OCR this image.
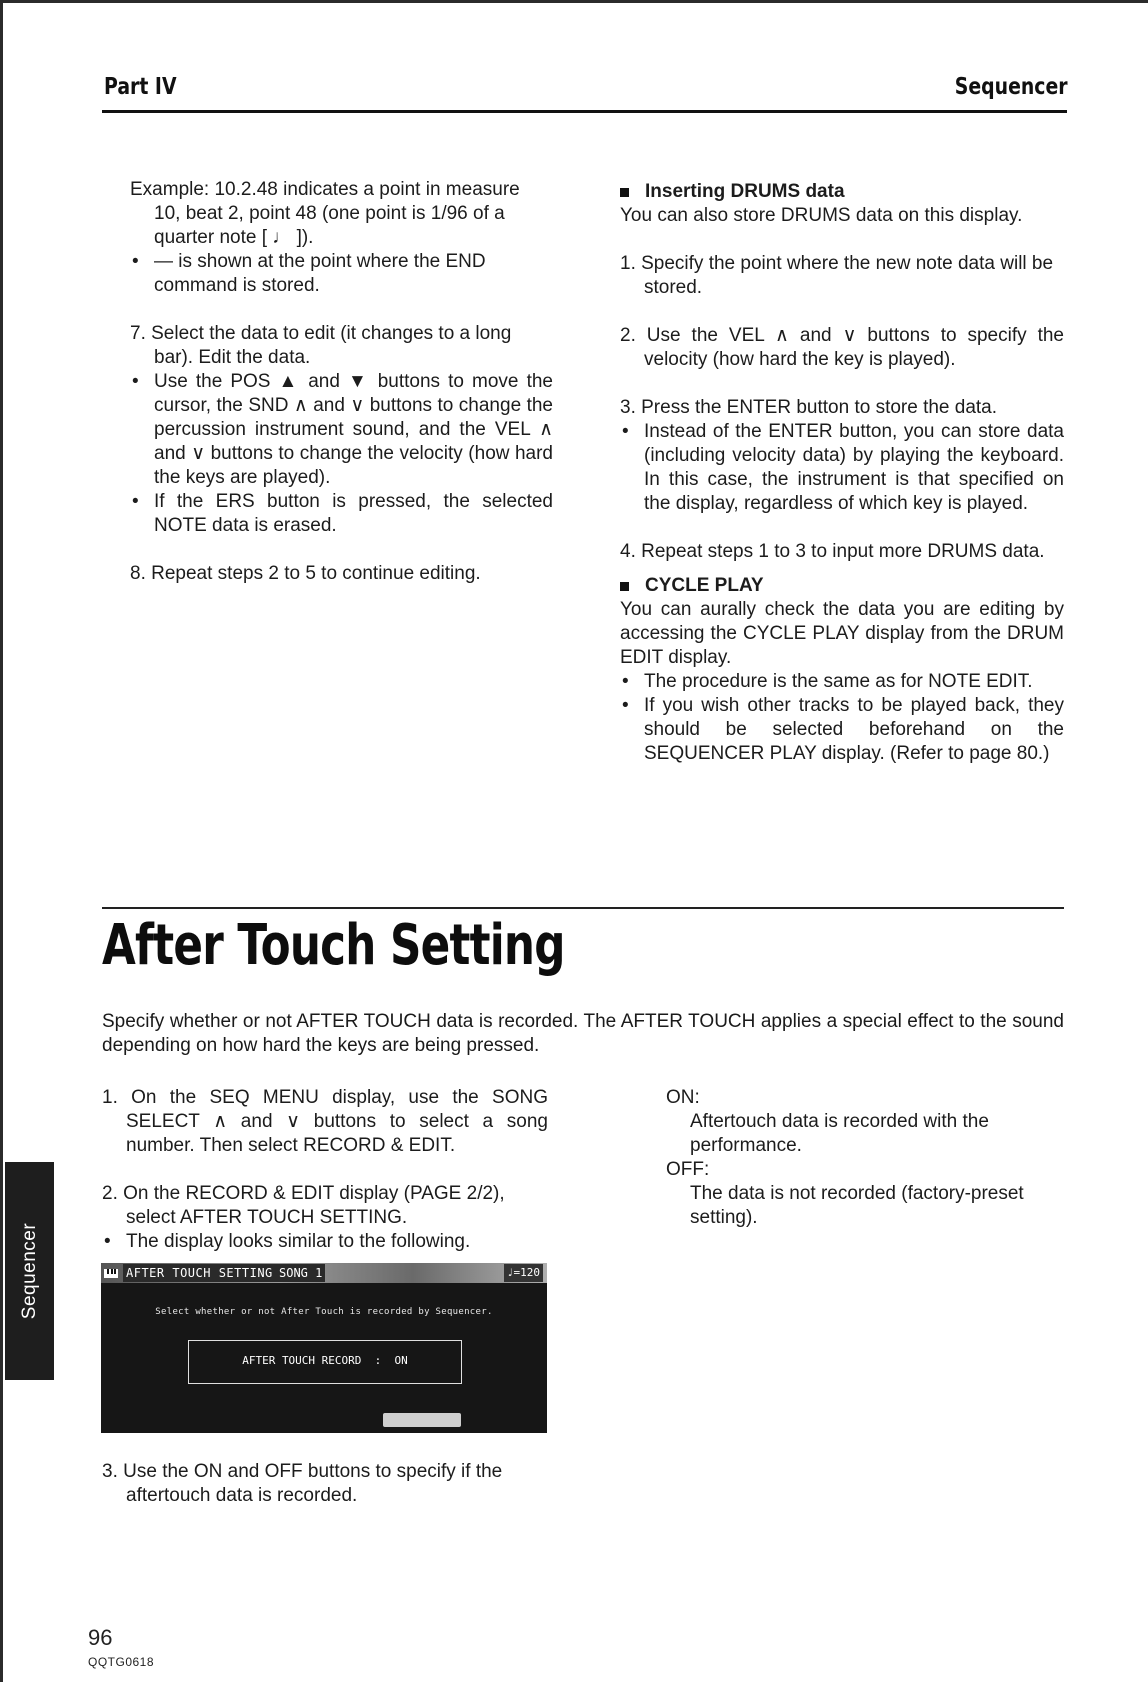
Part IV	Sequencer
Example: 10.2.48 indicates a point in measure
10, beat 2, point 48 (one point is 1/96 of a
quarter note [ ♩ ]).
• — is shown at the point where the END command is stored.
7. Select the data to edit (it changes to a long bar). Edit the data.
• Use the POS ▲ and ▼ buttons to move the cursor, the SND ∧ and ∨ buttons to change the percussion instrument sound, and the VEL ∧ and ∨ buttons to change the velocity (how hard the keys are played).
• If the ERS button is pressed, the selected NOTE data is erased.
8. Repeat steps 2 to 5 to continue editing.
Inserting DRUMS data
You can also store DRUMS data on this display.
1. Specify the point where the new note data will be stored.
2. Use the VEL ∧ and ∨ buttons to specify the velocity (how hard the key is played).
3. Press the ENTER button to store the data.
• Instead of the ENTER button, you can store data (including velocity data) by playing the keyboard. In this case, the instrument is that specified on the display, regardless of which key is played.
4. Repeat steps 1 to 3 to input more DRUMS data.
CYCLE PLAY
You can aurally check the data you are editing by accessing the CYCLE PLAY display from the DRUM EDIT display.
• The procedure is the same as for NOTE EDIT.
• If you wish other tracks to be played back, they should be selected beforehand on the SEQUENCER PLAY display. (Refer to page 80.)
After Touch Setting
Specify whether or not AFTER TOUCH data is recorded. The AFTER TOUCH applies a special effect to the sound depending on how hard the keys are being pressed.
1. On the SEQ MENU display, use the SONG SELECT ∧ and ∨ buttons to select a song number. Then select RECORD & EDIT.
2. On the RECORD & EDIT display (PAGE 2/2), select AFTER TOUCH SETTING.
• The display looks similar to the following.
3. Use the ON and OFF buttons to specify if the aftertouch data is recorded.
ON:
Aftertouch data is recorded with the performance.
OFF:
The data is not recorded (factory-preset setting).
AFTER TOUCH SETTING SONG 1	♩=120
Select whether or not After Touch is recorded by Sequencer.
AFTER TOUCH RECORD  :  ON
Sequencer
96
QQTG0618
